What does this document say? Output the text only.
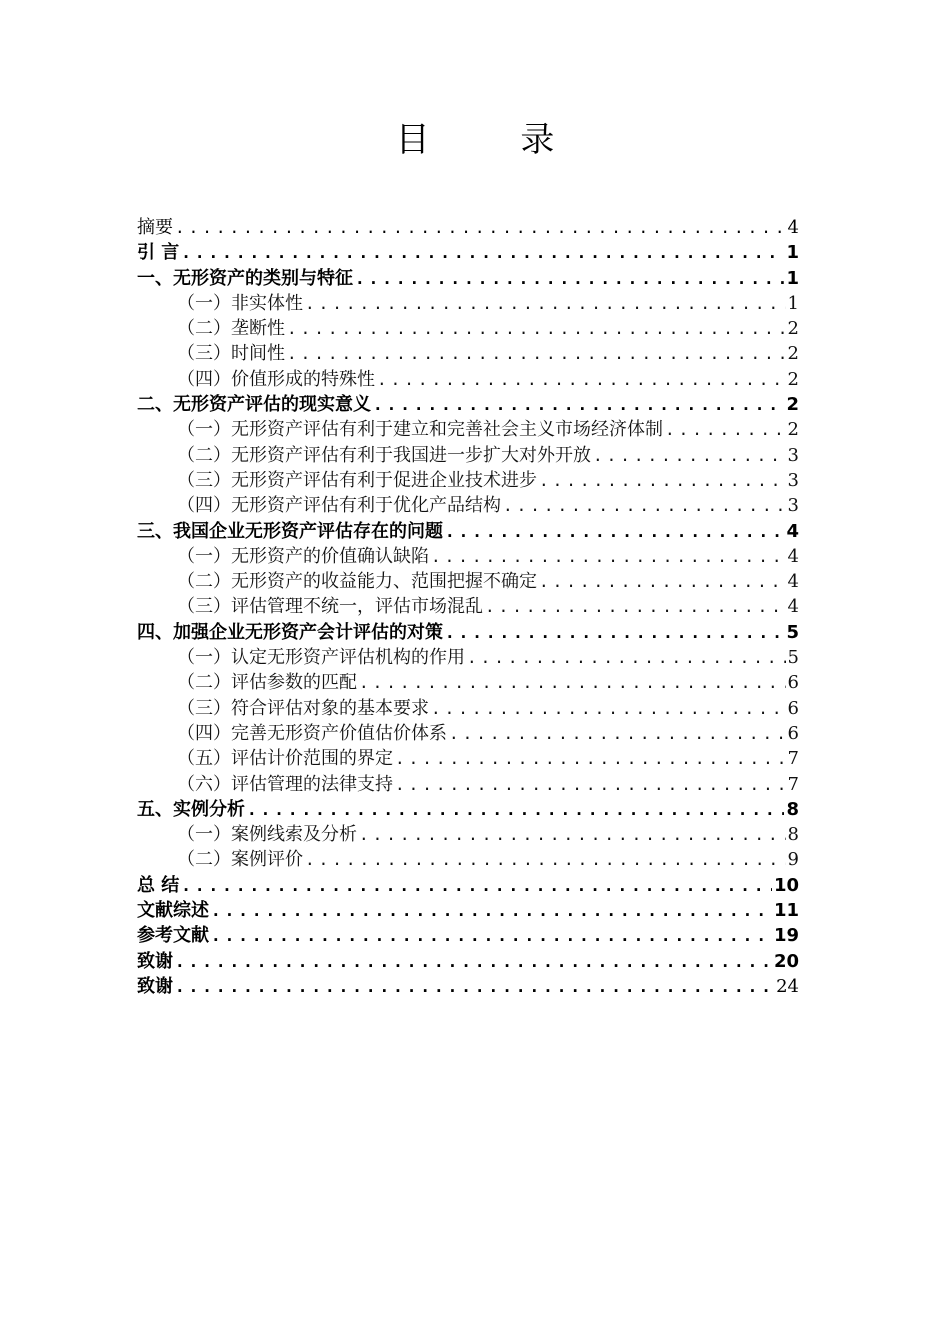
目 录
摘要 .....	4
引 言 .....	1
一、无形资产的类别与特征 .....	1
（一）非实体性 .....	1
（二）垄断性 .....	2
（三）时间性 .....	2
（四）价值形成的特殊性 .....	2
二、无形资产评估的现实意义 .....	2
（一）无形资产评估有利于建立和完善社会主义市场经济体制 .....	2
（二）无形资产评估有利于我国进一步扩大对外开放 .....	3
（三）无形资产评估有利于促进企业技术进步 .....	3
（四）无形资产评估有利于优化产品结构 .....	3
三、我国企业无形资产评估存在的问题 .....	4
（一）无形资产的价值确认缺陷 .....	4
（二）无形资产的收益能力、范围把握不确定 .....	4
（三）评估管理不统一，评估市场混乱 .....	4
四、加强企业无形资产会计评估的对策 .....	5
（一）认定无形资产评估机构的作用 .....	5
（二）评估参数的匹配 .....	6
（三）符合评估对象的基本要求 .....	6
（四）完善无形资产价值估价体系 .....	6
（五）评估计价范围的界定 .....	7
（六）评估管理的法律支持 .....	7
五、实例分析 .....	8
（一）案例线索及分析 .....	8
（二）案例评价 .....	9
总 结 .....	10
文献综述 .....	11
参考文献 .....	19
致谢 .....	20
致谢 .....	24
